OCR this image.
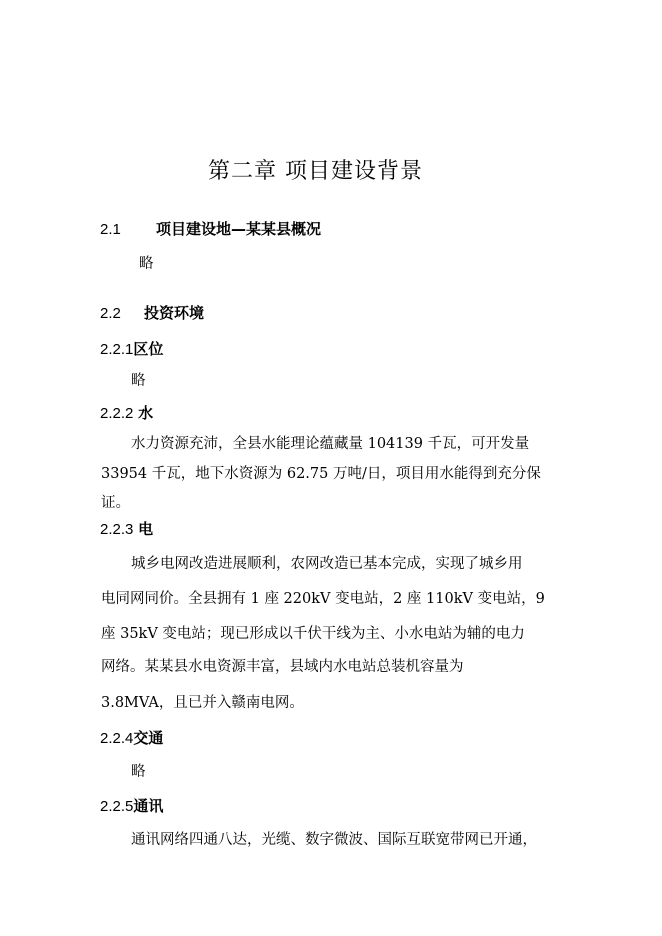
第二章 项目建设背景
2.1 项目建设地—某某县概况
略
2.2 投资环境
2.2.1区位
略
2.2.2 水
水力资源充沛，全县水能理论蕴藏量 104139 千瓦，可开发量
33954 千瓦，地下水资源为 62.75 万吨/日，项目用水能得到充分保
证。
2.2.3 电
城乡电网改造进展顺利，农网改造已基本完成，实现了城乡用
电同网同价。全县拥有 1 座 220kV 变电站，2 座 110kV 变电站，9
座 35kV 变电站；现已形成以千伏干线为主、小水电站为辅的电力
网络。某某县水电资源丰富，县域内水电站总装机容量为
3.8MVA，且已并入赣南电网。
2.2.4交通
略
2.2.5通讯
通讯网络四通八达，光缆、数字微波、国际互联宽带网已开通，
